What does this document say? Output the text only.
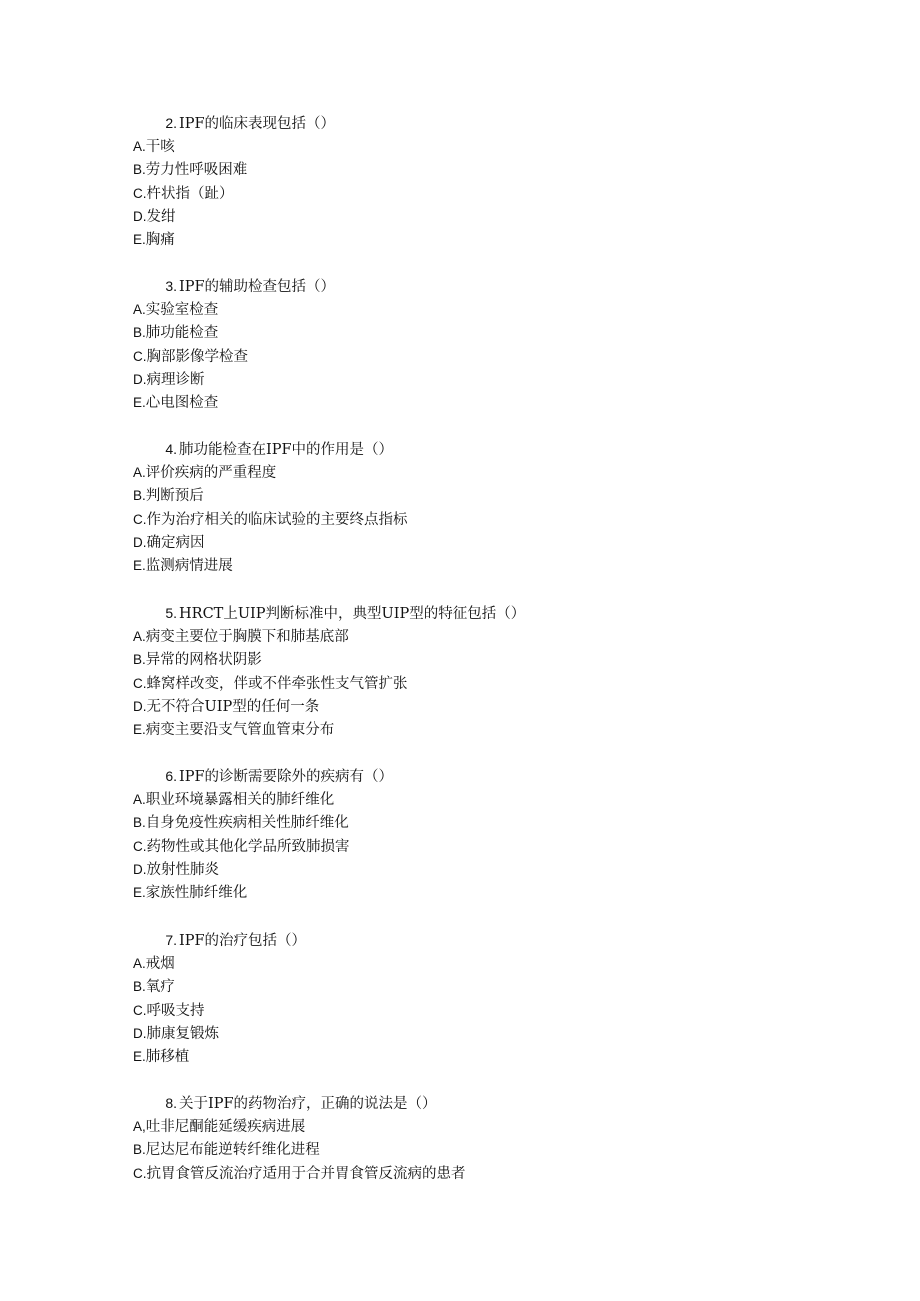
2. IPF的临床表现包括（）
A.干咳
B.劳力性呼吸困难
C.杵状指（趾）
D.发绀
E.胸痛
3. IPF的辅助检查包括（）
A.实验室检查
B.肺功能检查
C.胸部影像学检查
D.病理诊断
E.心电图检查
4. 肺功能检查在IPF中的作用是（）
A.评价疾病的严重程度
B.判断预后
C.作为治疗相关的临床试验的主要终点指标
D.确定病因
E.监测病情进展
5. HRCT上UIP判断标准中，典型UIP型的特征包括（）
A.病变主要位于胸膜下和肺基底部
B.异常的网格状阴影
C.蜂窝样改变，伴或不伴牵张性支气管扩张
D.无不符合UIP型的任何一条
E.病变主要沿支气管血管束分布
6. IPF的诊断需要除外的疾病有（）
A.职业环境暴露相关的肺纤维化
B.自身免疫性疾病相关性肺纤维化
C.药物性或其他化学品所致肺损害
D.放射性肺炎
E.家族性肺纤维化
7. IPF的治疗包括（）
A.戒烟
B.氧疗
C.呼吸支持
D.肺康复锻炼
E.肺移植
8. 关于IPF的药物治疗，正确的说法是（）
A,吐非尼酮能延缓疾病进展
B.尼达尼布能逆转纤维化进程
C.抗胃食管反流治疗适用于合并胃食管反流病的患者
